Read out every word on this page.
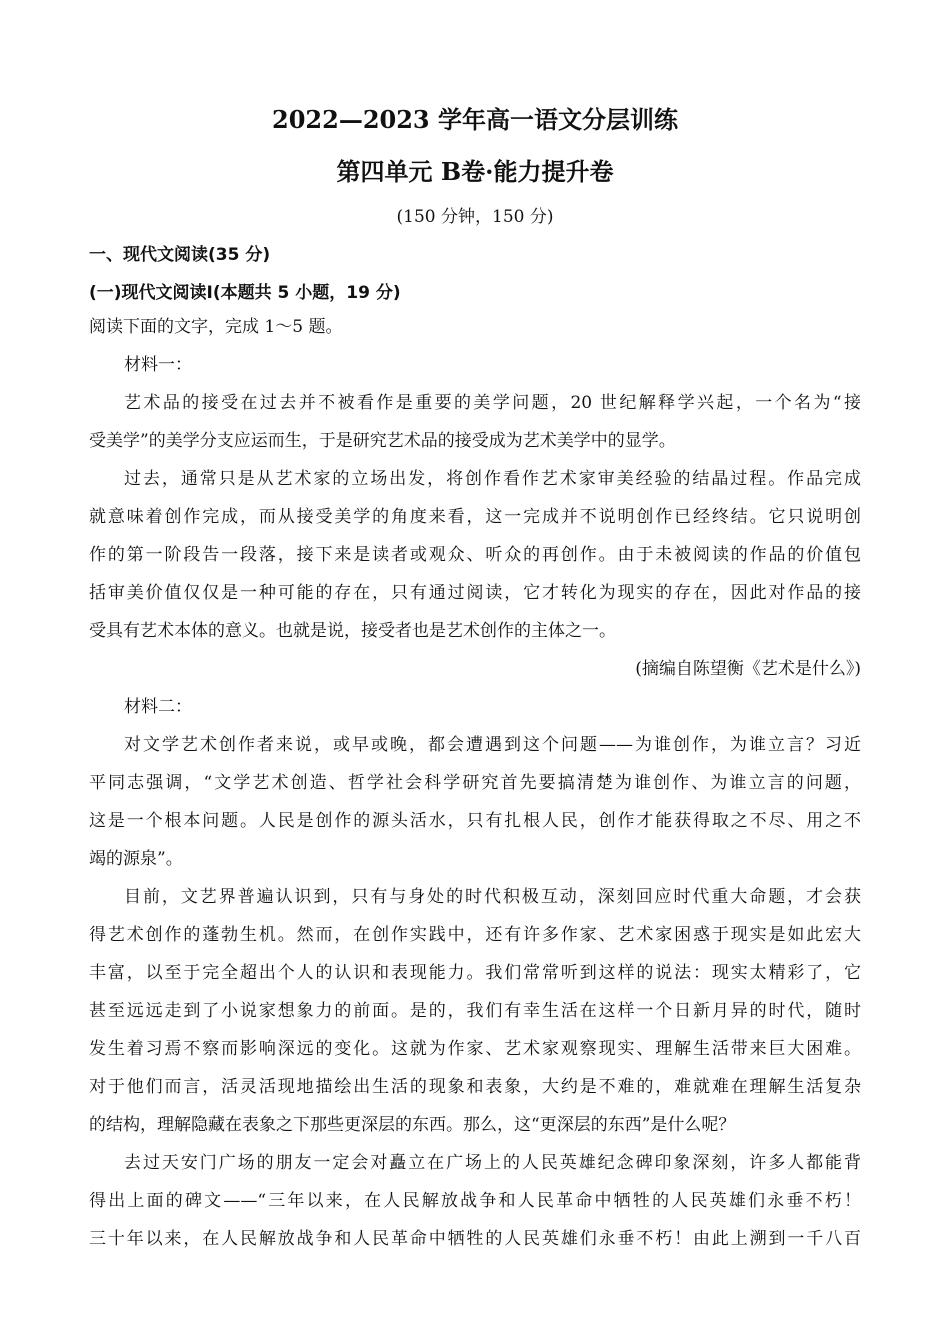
2022—2023 学年高一语文分层训练
第四单元 B卷·能力提升卷
(150 分钟，150 分)
一、现代文阅读(35 分)
(一)现代文阅读Ⅰ(本题共 5 小题，19 分)
阅读下面的文字，完成 1～5 题。
材料一：
艺术品的接受在过去并不被看作是重要的美学问题，20 世纪解释学兴起，一个名为“接
受美学”的美学分支应运而生，于是研究艺术品的接受成为艺术美学中的显学。
过去，通常只是从艺术家的立场出发，将创作看作艺术家审美经验的结晶过程。作品完成
就意味着创作完成，而从接受美学的角度来看，这一完成并不说明创作已经终结。它只说明创
作的第一阶段告一段落，接下来是读者或观众、听众的再创作。由于未被阅读的作品的价值包
括审美价值仅仅是一种可能的存在，只有通过阅读，它才转化为现实的存在，因此对作品的接
受具有艺术本体的意义。也就是说，接受者也是艺术创作的主体之一。
(摘编自陈望衡《艺术是什么》)
材料二：
对文学艺术创作者来说，或早或晚，都会遭遇到这个问题——为谁创作，为谁立言？习近
平同志强调，“文学艺术创造、哲学社会科学研究首先要搞清楚为谁创作、为谁立言的问题，
这是一个根本问题。人民是创作的源头活水，只有扎根人民，创作才能获得取之不尽、用之不
竭的源泉”。
目前，文艺界普遍认识到，只有与身处的时代积极互动，深刻回应时代重大命题，才会获
得艺术创作的蓬勃生机。然而，在创作实践中，还有许多作家、艺术家困惑于现实是如此宏大
丰富，以至于完全超出个人的认识和表现能力。我们常常听到这样的说法：现实太精彩了，它
甚至远远走到了小说家想象力的前面。是的，我们有幸生活在这样一个日新月异的时代，随时
发生着习焉不察而影响深远的变化。这就为作家、艺术家观察现实、理解生活带来巨大困难。
对于他们而言，活灵活现地描绘出生活的现象和表象，大约是不难的，难就难在理解生活复杂
的结构，理解隐藏在表象之下那些更深层的东西。那么，这“更深层的东西”是什么呢？
去过天安门广场的朋友一定会对矗立在广场上的人民英雄纪念碑印象深刻，许多人都能背
得出上面的碑文——“三年以来，在人民解放战争和人民革命中牺牲的人民英雄们永垂不朽！
三十年以来，在人民解放战争和人民革命中牺牲的人民英雄们永垂不朽！由此上溯到一千八百
